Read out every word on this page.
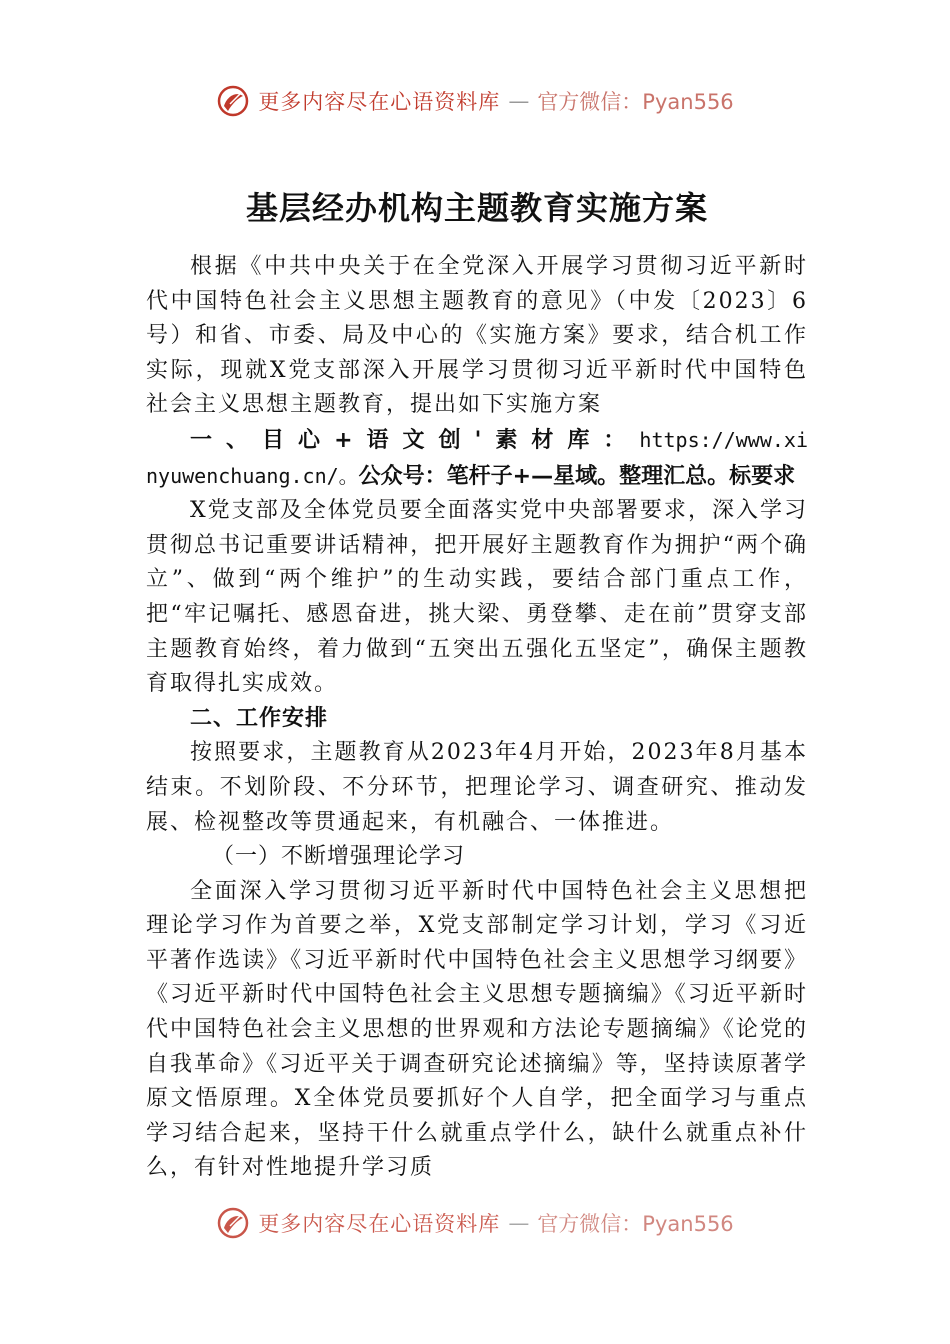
更多内容尽在心语资料库 — 官方微信：Pyan556
基层经办机构主题教育实施方案

根据《中共中央关于在全党深入开展学习贯彻习近平新时代中国特色社会主义思想主题教育的意见》（中发〔2023〕6号）和省、市委、局及中心的《实施方案》要求，结合机工作实际，现就X党支部深入开展学习贯彻习近平新时代中国特色社会主义思想主题教育，提出如下实施方案

一、目心+语文创'素材库：https://www.xinyuwenchuang.cn/。公众号：笔杆子+—星域。整理汇总。标要求

X党支部及全体党员要全面落实党中央部署要求，深入学习贯彻总书记重要讲话精神，把开展好主题教育作为拥护“两个确立”、做到“两个维护”的生动实践，要结合部门重点工作，把“牢记嘱托、感恩奋进，挑大梁、勇登攀、走在前”贯穿支部主题教育始终，着力做到“五突出五强化五坚定”，确保主题教育取得扎实成效。

二、工作安排

按照要求，主题教育从2023年4月开始，2023年8月基本结束。不划阶段、不分环节，把理论学习、调查研究、推动发展、检视整改等贯通起来，有机融合、一体推进。

（一）不断增强理论学习

全面深入学习贯彻习近平新时代中国特色社会主义思想把理论学习作为首要之举，X党支部制定学习计划，学习《习近平著作选读》《习近平新时代中国特色社会主义思想学习纲要》《习近平新时代中国特色社会主义思想专题摘编》《习近平新时代中国特色社会主义思想的世界观和方法论专题摘编》《论党的自我革命》《习近平关于调查研究论述摘编》等，坚持读原著学原文悟原理。X全体党员要抓好个人自学，把全面学习与重点学习结合起来，坚持干什么就重点学什么，缺什么就重点补什么，有针对性地提升学习质

更多内容尽在心语资料库 — 官方微信：Pyan556
